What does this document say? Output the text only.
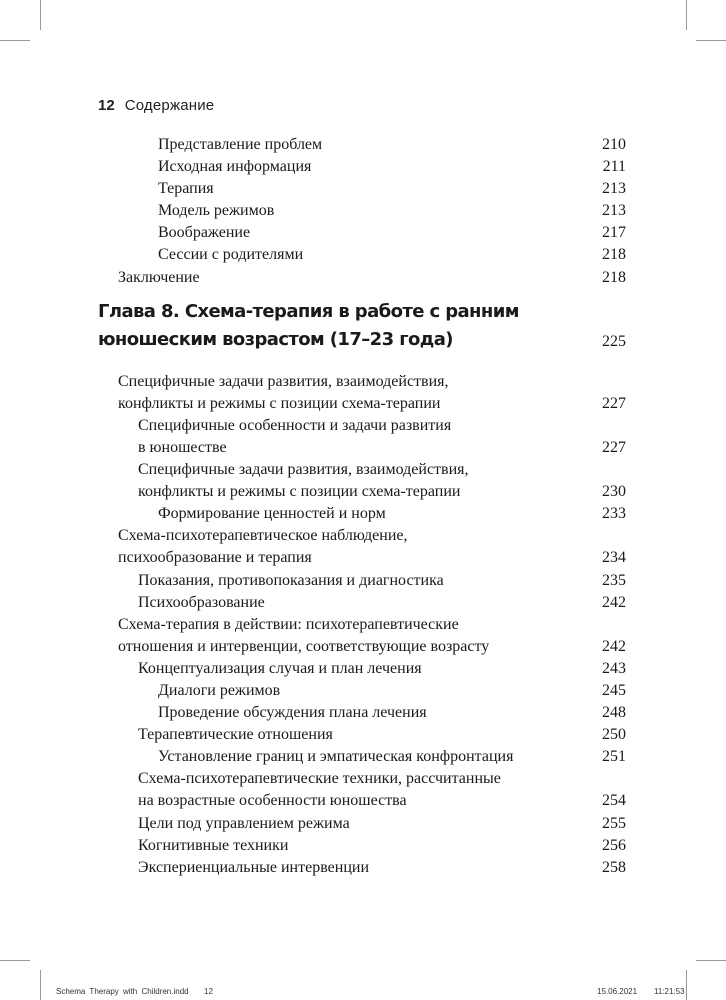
12 Содержание
Представление проблем	210
Исходная информация	211
Терапия	213
Модель режимов	213
Воображение	217
Сессии с родителями	218
Заключение	218
Глава 8. Схема-терапия в работе с ранним
юношеским возрастом (17–23 года)	225
Специфичные задачи развития, взаимодействия,
конфликты и режимы с позиции схема-терапии	227
Специфичные особенности и задачи развития
в юношестве	227
Специфичные задачи развития, взаимодействия,
конфликты и режимы с позиции схема-терапии	230
Формирование ценностей и норм	233
Схема-психотерапевтическое наблюдение,
психообразование и терапия	234
Показания, противопоказания и диагностика	235
Психообразование	242
Схема-терапия в действии: психотерапевтические
отношения и интервенции, соответствующие возрасту	242
Концептуализация случая и план лечения	243
Диалоги режимов	245
Проведение обсуждения плана лечения	248
Терапевтические отношения	250
Установление границ и эмпатическая конфронтация	251
Схема-психотерапевтические техники, рассчитанные
на возрастные особенности юношества	254
Цели под управлением режима	255
Когнитивные техники	256
Экспериенциальные интервенции	258
Schema Therapy with Children.indd 12	15.06.2021 11:21:53
